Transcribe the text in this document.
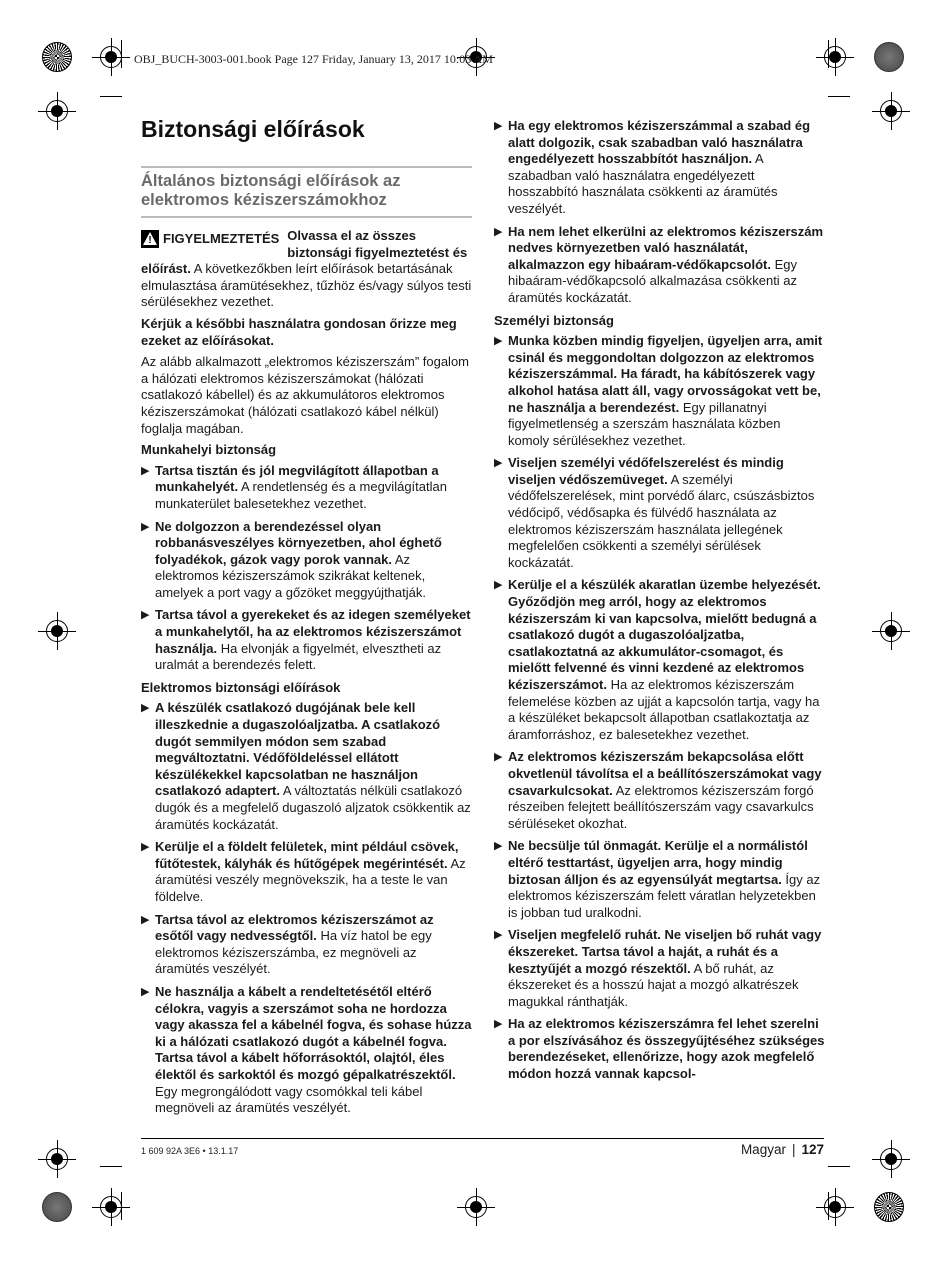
OBJ_BUCH-3003-001.book Page 127 Friday, January 13, 2017 10:03 AM
Biztonsági előírások
Általános biztonsági előírások az elektromos kéziszerszámokhoz
! FIGYELMEZTETÉS Olvassa el az összes biztonsági figyelmeztetést és előírást. A következőkben leírt előírások betartásának elmulasztása áramütésekhez, tűzhöz és/vagy súlyos testi sérülésekhez vezethet.

Kérjük a későbbi használatra gondosan őrizze meg ezeket az előírásokat.

Az alább alkalmazott „elektromos kéziszerszám” fogalom a hálózati elektromos kéziszerszámokat (hálózati csatlakozó kábellel) és az akkumulátoros elektromos kéziszerszámokat (hálózati csatlakozó kábel nélkül) foglalja magában.

Munkahelyi biztonság
▶ Tartsa tisztán és jól megvilágított állapotban a munkahelyét. A rendetlenség és a megvilágítatlan munkaterület balesetekhez vezethet.
▶ Ne dolgozzon a berendezéssel olyan robbanásveszélyes környezetben, ahol éghető folyadékok, gázok vagy porok vannak. Az elektromos kéziszerszámok szikrákat keltenek, amelyek a port vagy a gőzöket meggyújthatják.
▶ Tartsa távol a gyerekeket és az idegen személyeket a munkahelytől, ha az elektromos kéziszerszámot használja. Ha elvonják a figyelmét, elvesztheti az uralmát a berendezés felett.
Elektromos biztonsági előírások
▶ A készülék csatlakozó dugójának bele kell illeszkednie a dugaszolóaljzatba. A csatlakozó dugót semmilyen módon sem szabad megváltoztatni. Védőföldeléssel ellátott készülékekkel kapcsolatban ne használjon csatlakozó adaptert. A változtatás nélküli csatlakozó dugók és a megfelelő dugaszoló aljzatok csökkentik az áramütés kockázatát.
▶ Kerülje el a földelt felületek, mint például csövek, fűtőtestek, kályhák és hűtőgépek megérintését. Az áramütési veszély megnövekszik, ha a teste le van földelve.
▶ Tartsa távol az elektromos kéziszerszámot az esőtől vagy nedvességtől. Ha víz hatol be egy elektromos kéziszerszámba, ez megnöveli az áramütés veszélyét.
▶ Ne használja a kábelt a rendeltetésétől eltérő célokra, vagyis a szerszámot soha ne hordozza vagy akassza fel a kábelnél fogva, és sohase húzza ki a hálózati csatlakozó dugót a kábelnél fogva. Tartsa távol a kábelt hőforrásoktól, olajtól, éles élektől és sarkoktól és mozgó gépalkatrészektől. Egy megrongálódott vagy csomókkal teli kábel megnöveli az áramütés veszélyét.
▶ Ha egy elektromos kéziszerszámmal a szabad ég alatt dolgozik, csak szabadban való használatra engedélyezett hosszabbítót használjon. A szabadban való használatra engedélyezett hosszabbító használata csökkenti az áramütés veszélyét.
▶ Ha nem lehet elkerülni az elektromos kéziszerszám nedves környezetben való használatát, alkalmazzon egy hibaáram-védőkapcsolót. Egy hibaáram-védőkapcsoló alkalmazása csökkenti az áramütés kockázatát.
Személyi biztonság
▶ Munka közben mindig figyeljen, ügyeljen arra, amit csinál és meggondoltan dolgozzon az elektromos kéziszerszámmal. Ha fáradt, ha kábítószerek vagy alkohol hatása alatt áll, vagy orvosságokat vett be, ne használja a berendezést. Egy pillanatnyi figyelmetlenség a szerszám használata közben komoly sérülésekhez vezethet.
▶ Viseljen személyi védőfelszerelést és mindig viseljen védőszemüveget. A személyi védőfelszerelések, mint porvédő álarc, csúszásbiztos védőcipő, védősapka és fülvédő használata az elektromos kéziszerszám használata jellegének megfelelően csökkenti a személyi sérülések kockázatát.
▶ Kerülje el a készülék akaratlan üzembe helyezését. Győződjön meg arról, hogy az elektromos kéziszerszám ki van kapcsolva, mielőtt bedugná a csatlakozó dugót a dugaszolóaljzatba, csatlakoztatná az akkumulátor-csomagot, és mielőtt felvenné és vinni kezdené az elektromos kéziszerszámot. Ha az elektromos kéziszerszám felemelése közben az ujját a kapcsolón tartja, vagy ha a készüléket bekapcsolt állapotban csatlakoztatja az áramforráshoz, ez balesetekhez vezethet.
▶ Az elektromos kéziszerszám bekapcsolása előtt okvetlenül távolítsa el a beállítószerszámokat vagy csavarkulcsokat. Az elektromos kéziszerszám forgó részeiben felejtett beállítószerszám vagy csavarkulcs sérüléseket okozhat.
▶ Ne becsülje túl önmagát. Kerülje el a normálistól eltérő testtartást, ügyeljen arra, hogy mindig biztosan álljon és az egyensúlyát megtartsa. Így az elektromos kéziszerszám felett váratlan helyzetekben is jobban tud uralkodni.
▶ Viseljen megfelelő ruhát. Ne viseljen bő ruhát vagy ékszereket. Tartsa távol a haját, a ruhát és a kesztyűjét a mozgó részektől. A bő ruhát, az ékszereket és a hosszú hajat a mozgó alkatrészek magukkal ránthatják.
▶ Ha az elektromos kéziszerszámra fel lehet szerelni a por elszívásához és összegyűjtéséhez szükséges berendezéseket, ellenőrizze, hogy azok megfelelő módon hozzá vannak kapcsol-
1 609 92A 3E6 • 13.1.17	Magyar | 127
